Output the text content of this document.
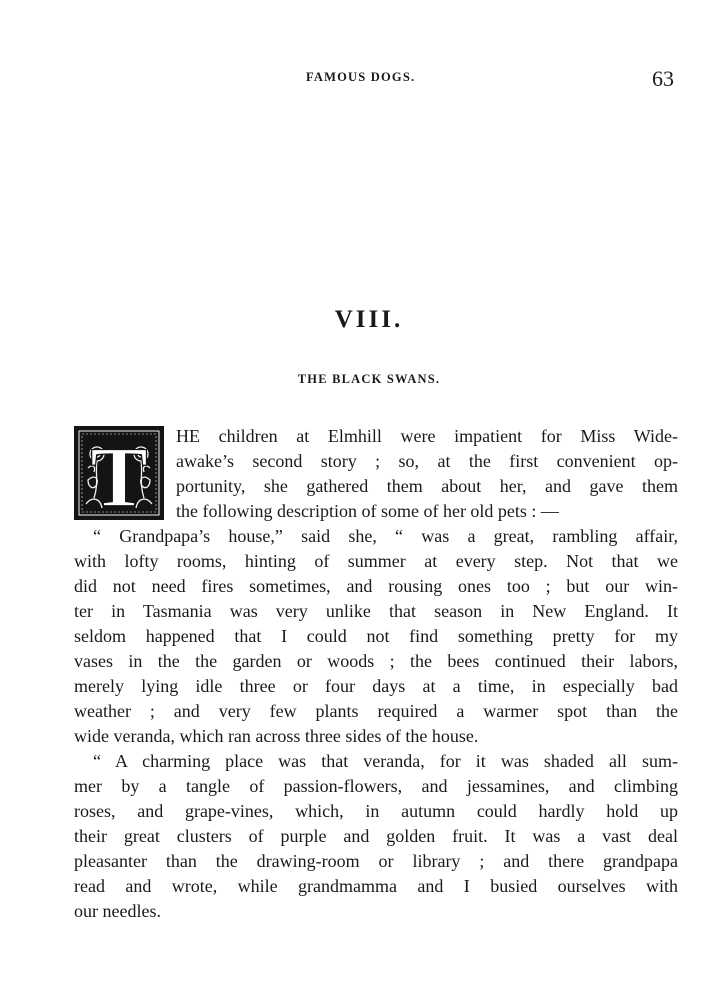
FAMOUS DOGS.	63
VIII.
THE BLACK SWANS.
T HE children at Elmhill were impatient for Miss Wide-
awake’s second story ; so, at the first convenient op-
portunity, she gathered them about her, and gave them
the following description of some of her old pets : —
“ Grandpapa’s house,” said she, “ was a great, rambling affair,
with lofty rooms, hinting of summer at every step. Not that we
did not need fires sometimes, and rousing ones too ; but our win-
ter in Tasmania was very unlike that season in New England. It
seldom happened that I could not find something pretty for my
vases in the the garden or woods ; the bees continued their labors,
merely lying idle three or four days at a time, in especially bad
weather ; and very few plants required a warmer spot than the
wide veranda, which ran across three sides of the house.
“ A charming place was that veranda, for it was shaded all sum-
mer by a tangle of passion-flowers, and jessamines, and climbing
roses, and grape-vines, which, in autumn could hardly hold up
their great clusters of purple and golden fruit. It was a vast deal
pleasanter than the drawing-room or library ; and there grandpapa
read and wrote, while grandmamma and I busied ourselves with
our needles.
